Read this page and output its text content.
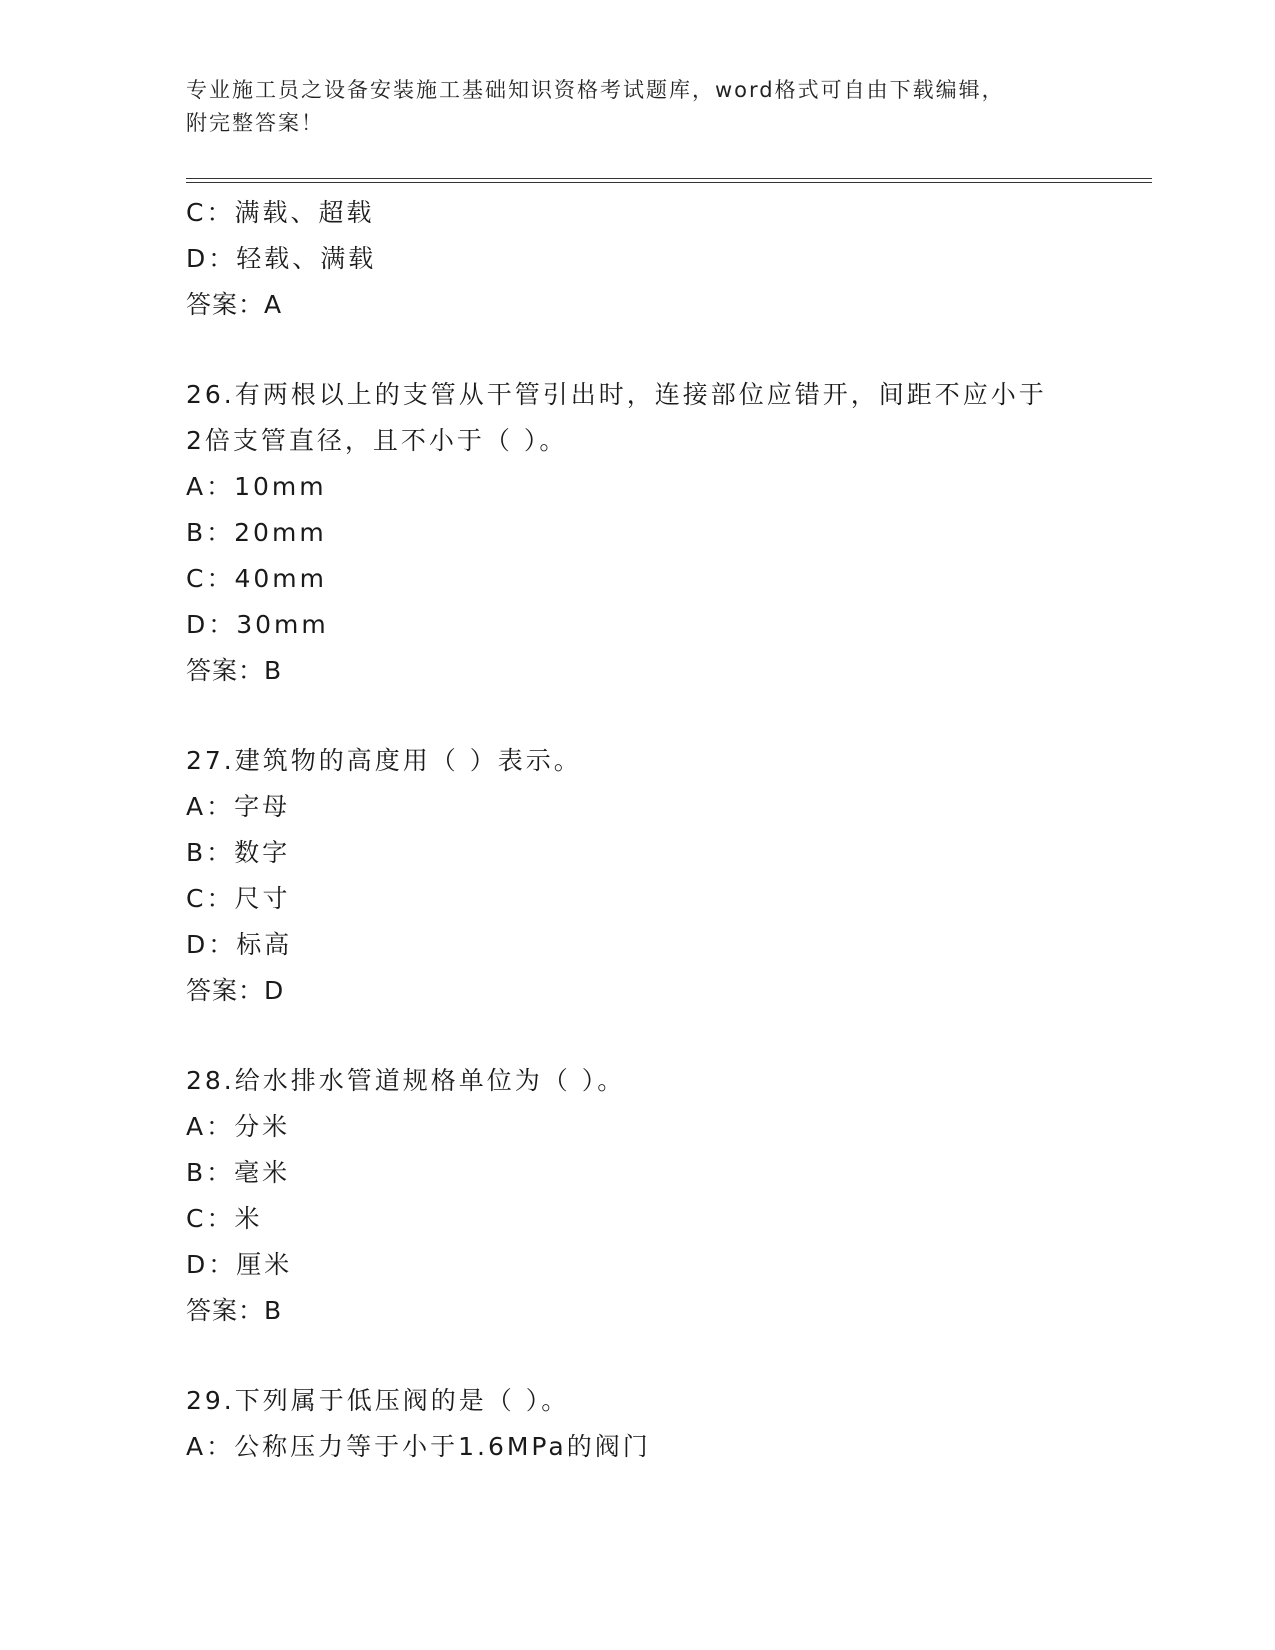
专业施工员之设备安装施工基础知识资格考试题库，word格式可自由下载编辑，
附完整答案！
C：满载、超载
D：轻载、满载
答案：A
26.有两根以上的支管从干管引出时，连接部位应错开，间距不应小于
2倍支管直径，且不小于（ ）。
A：10mm
B：20mm
C：40mm
D：30mm
答案：B
27.建筑物的高度用（ ）表示。
A：字母
B：数字
C：尺寸
D：标高
答案：D
28.给水排水管道规格单位为（ ）。
A：分米
B：毫米
C：米
D：厘米
答案：B
29.下列属于低压阀的是（ ）。
A：公称压力等于小于1.6MPa的阀门
